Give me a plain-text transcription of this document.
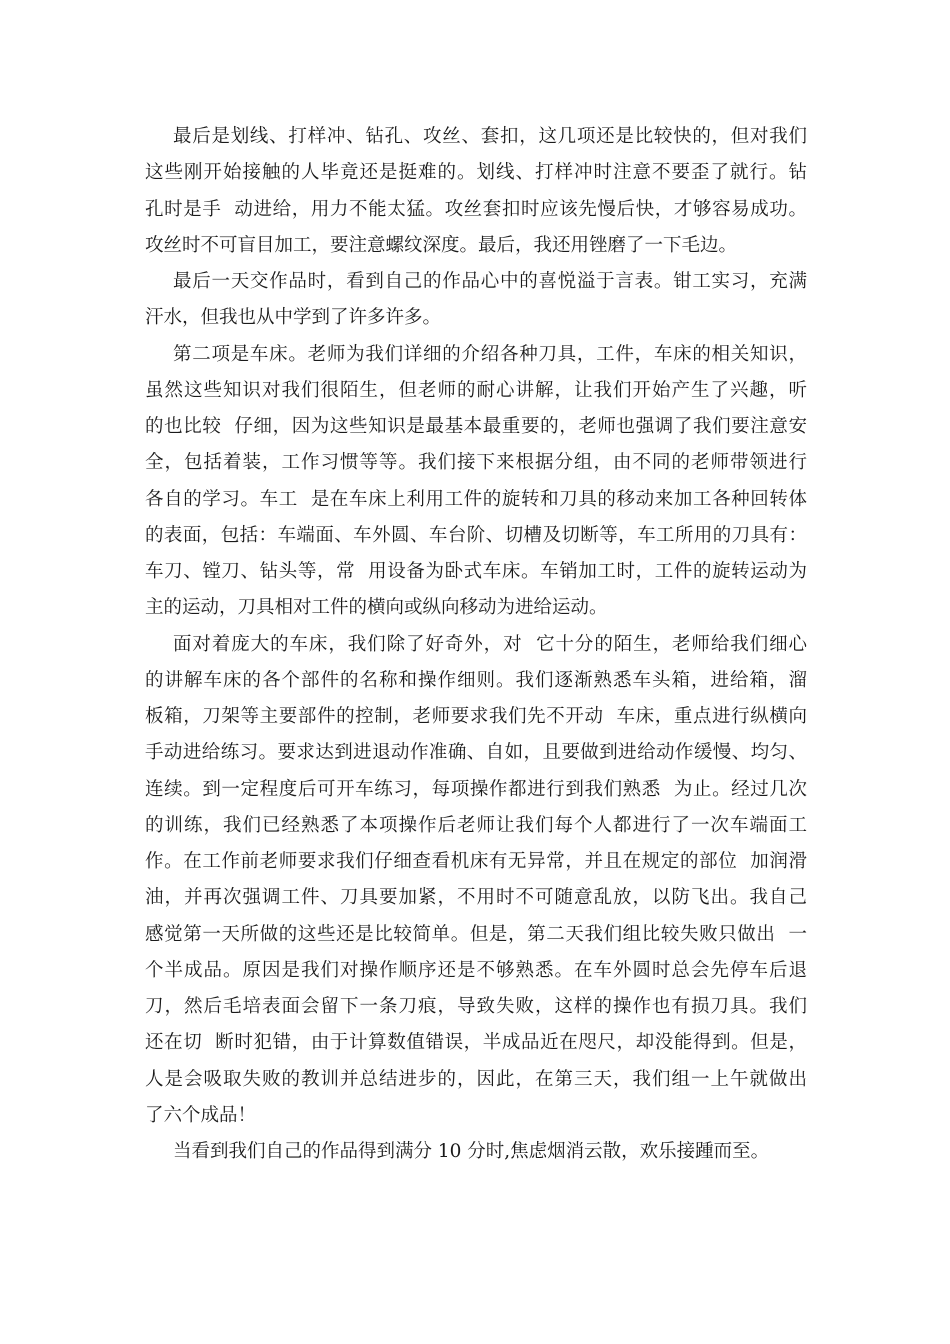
最后是划线、打样冲、钻孔、攻丝、套扣，这几项还是比较快的，但对我们
这些刚开始接触的人毕竟还是挺难的。划线、打样冲时注意不要歪了就行。钻
孔时是手  动进给，用力不能太猛。攻丝套扣时应该先慢后快，才够容易成功。
攻丝时不可盲目加工，要注意螺纹深度。最后，我还用锉磨了一下毛边。

最后一天交作品时，看到自己的作品心中的喜悦溢于言表。钳工实习，充满
汗水，但我也从中学到了许多许多。

第二项是车床。老师为我们详细的介绍各种刀具，工件，车床的相关知识，
虽然这些知识对我们很陌生，但老师的耐心讲解，让我们开始产生了兴趣，听
的也比较  仔细，因为这些知识是最基本最重要的，老师也强调了我们要注意安
全，包括着装，工作习惯等等。我们接下来根据分组，由不同的老师带领进行
各自的学习。车工  是在车床上利用工件的旋转和刀具的移动来加工各种回转体
的表面，包括：车端面、车外圆、车台阶、切槽及切断等，车工所用的刀具有：
车刀、镗刀、钻头等，常  用设备为卧式车床。车销加工时，工件的旋转运动为
主的运动，刀具相对工件的横向或纵向移动为进给运动。

面对着庞大的车床，我们除了好奇外，对  它十分的陌生，老师给我们细心
的讲解车床的各个部件的名称和操作细则。我们逐渐熟悉车头箱，进给箱，溜
板箱，刀架等主要部件的控制，老师要求我们先不开动  车床，重点进行纵横向
手动进给练习。要求达到进退动作准确、自如，且要做到进给动作缓慢、均匀、
连续。到一定程度后可开车练习，每项操作都进行到我们熟悉  为止。经过几次
的训练，我们已经熟悉了本项操作后老师让我们每个人都进行了一次车端面工
作。在工作前老师要求我们仔细查看机床有无异常，并且在规定的部位  加润滑
油，并再次强调工件、刀具要加紧，不用时不可随意乱放，以防飞出。我自己
感觉第一天所做的这些还是比较简单。但是，第二天我们组比较失败只做出  一
个半成品。原因是我们对操作顺序还是不够熟悉。在车外圆时总会先停车后退
刀，然后毛培表面会留下一条刀痕，导致失败，这样的操作也有损刀具。我们
还在切  断时犯错，由于计算数值错误，半成品近在咫尺，却没能得到。但是，
人是会吸取失败的教训并总结进步的，因此，在第三天，我们组一上午就做出
了六个成品！

当看到我们自己的作品得到满分 10 分时,焦虑烟消云散，欢乐接踵而至。
